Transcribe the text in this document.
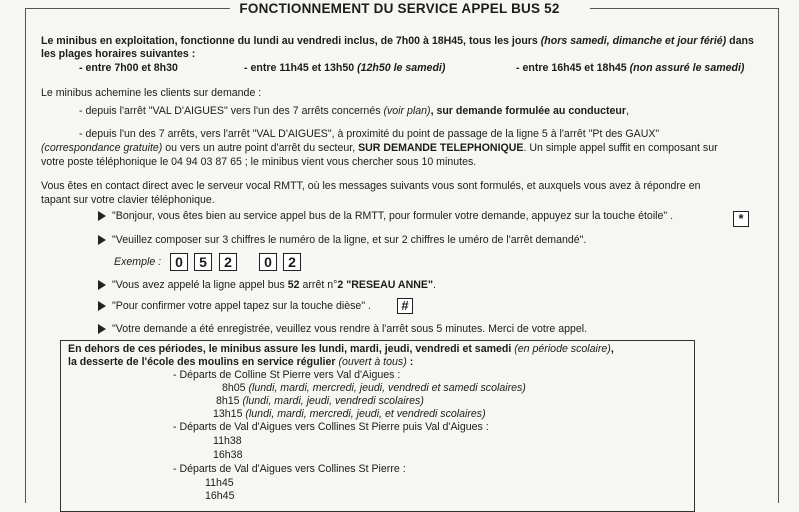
FONCTIONNEMENT DU SERVICE APPEL BUS 52

Le minibus en exploitation, fonctionne du lundi au vendredi inclus, de 7h00 à 18H45, tous les jours (hors samedi, dimanche et jour férié) dans les plages horaires suivantes :

- entre 7h00 et 8h30	- entre 11h45 et 13h50 (12h50 le samedi)	- entre 16h45 et 18h45 (non assuré le samedi)

Le minibus achemine les clients sur demande :

- depuis l'arrêt "VAL D'AIGUES" vers l'un des 7 arrêts concernés (voir plan), sur demande formulée au conducteur,

- depuis l'un des 7 arrêts, vers l'arrêt "VAL D'AIGUES", à proximité du point de passage de la ligne 5 à l'arrêt "Pt des GAUX"

(correspondance gratuite) ou vers un autre point d'arrêt du secteur, SUR DEMANDE TELEPHONIQUE. Un simple appel suffit en composant sur

votre poste téléphonique le 04 94 03 87 65 ; le minibus vient vous chercher sous 10 minutes.

Vous êtes en contact direct avec le serveur vocal RMTT, où les messages suivants vous sont formulés, et auxquels vous avez à répondre en

tapant sur votre clavier téléphonique.

"Bonjour, vous êtes bien au service appel bus de la RMTT, pour formuler votre demande, appuyez sur la touche étoile" .	*

"Veuillez composer sur 3 chiffres le numéro de la ligne, et sur 2 chiffres le uméro de l'arrêt demandé".

Exemple : 0	5	2	0	2

"Vous avez appelé la ligne appel bus 52 arrêt n°2 "RESEAU ANNE".

"Pour confirmer votre appel tapez sur la touche dièse" .	#

"Votre demande a été enregistrée, veuillez vous rendre à l'arrêt sous 5 minutes. Merci de votre appel.

En dehors de ces périodes, le minibus assure les lundi, mardi, jeudi, vendredi et samedi (en période scolaire),

la desserte de l'école des moulins en service régulier (ouvert à tous) :

- Départs de Colline St Pierre vers Val d'Aigues :

8h05 (lundi, mardi, mercredi, jeudi, vendredi et samedi scolaires)

8h15 (lundi, mardi, jeudi, vendredi scolaires)

13h15 (lundi, mardi, mercredi, jeudi, et vendredi scolaires)

- Départs de Val d'Aigues vers Collines St Pierre puis Val d'Aigues :

11h38

16h38

- Départs de Val d'Aigues vers Collines St Pierre :

11h45

16h45
